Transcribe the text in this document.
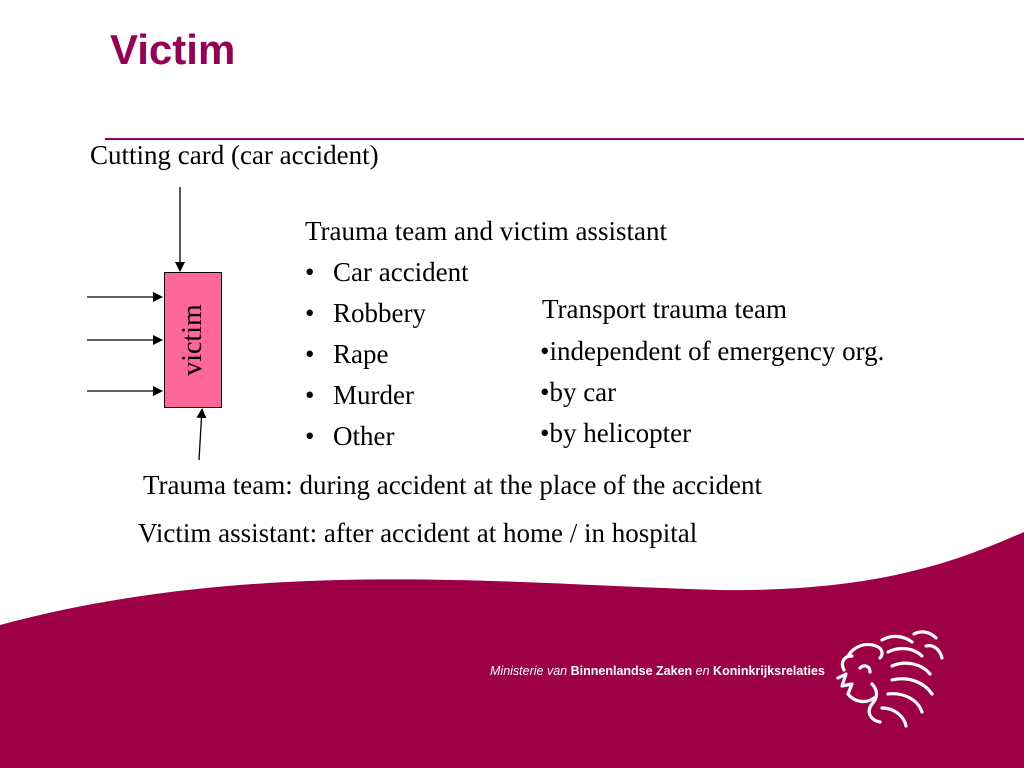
Victim
Cutting card (car accident)
victim
Trauma team and victim assistant
• Car accident
• Robbery
• Rape
• Murder
• Other
Transport trauma team
•independent of emergency org.
•by car
•by helicopter
Trauma team: during accident at the place of the accident
Victim assistant: after accident at home / in hospital
Ministerie van Binnenlandse Zaken en Koninkrijksrelaties
